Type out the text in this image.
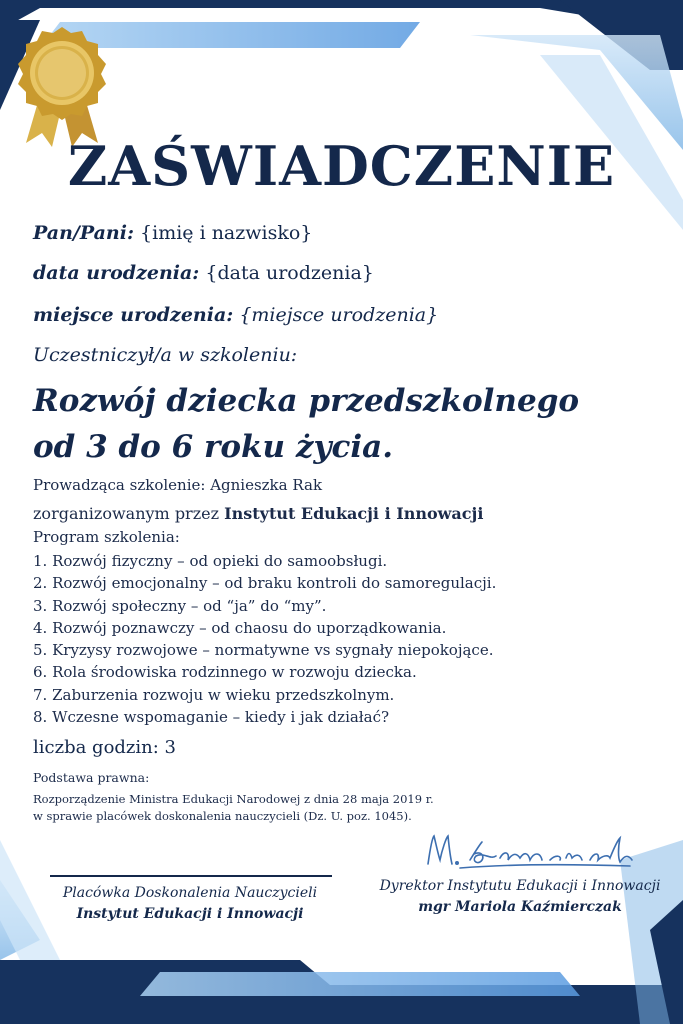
ZAŚWIADCZENIE
Pan/Pani: {imię i nazwisko}
data urodzenia: {data urodzenia}
miejsce urodzenia: {miejsce urodzenia}
Uczestniczył/a w szkoleniu:
Rozwój dziecka przedszkolnego
od 3 do 6 roku życia.
Prowadząca szkolenie: Agnieszka Rak
zorganizowanym przez Instytut Edukacji i Innowacji
Program szkolenia:
1. Rozwój fizyczny – od opieki do samoobsługi.
2. Rozwój emocjonalny – od braku kontroli do samoregulacji.
3. Rozwój społeczny – od “ja” do “my”.
4. Rozwój poznawczy – od chaosu do uporządkowania.
5. Kryzysy rozwojowe – normatywne vs sygnały niepokojące.
6. Rola środowiska rodzinnego w rozwoju dziecka.
7. Zaburzenia rozwoju w wieku przedszkolnym.
8. Wczesne wspomaganie – kiedy i jak działać?
liczba godzin: 3
Podstawa prawna:
Rozporządzenie Ministra Edukacji Narodowej z dnia 28 maja 2019 r.
w sprawie placówek doskonalenia nauczycieli (Dz. U. poz. 1045).
Placówka Doskonalenia Nauczycieli
Instytut Edukacji i Innowacji
Dyrektor Instytutu Edukacji i Innowacji
mgr Mariola Kaźmierczak
